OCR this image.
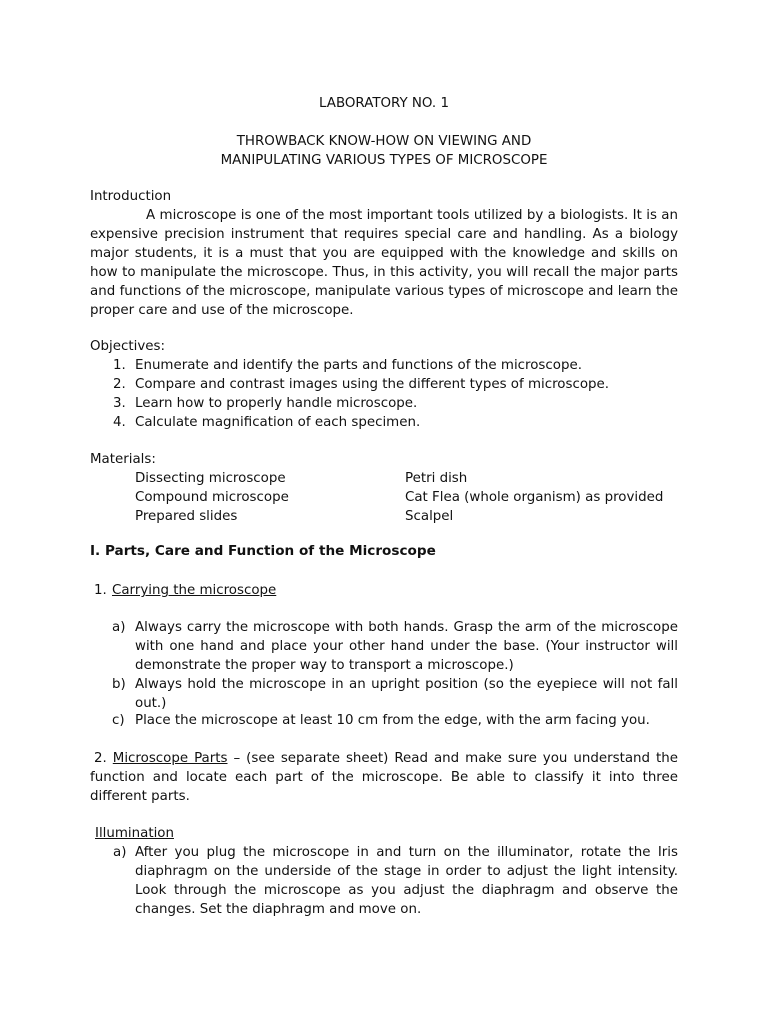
LABORATORY NO. 1
THROWBACK KNOW-HOW ON VIEWING AND
MANIPULATING VARIOUS TYPES OF MICROSCOPE
Introduction
A microscope is one of the most important tools utilized by a biologists. It is an
expensive precision instrument that requires special care and handling. As a biology
major students, it is a must that you are equipped with the knowledge and skills on
how to manipulate the microscope. Thus, in this activity, you will recall the major parts
and functions of the microscope, manipulate various types of microscope and learn the
proper care and use of the microscope.
Objectives:
1. Enumerate and identify the parts and functions of the microscope.
2. Compare and contrast images using the different types of microscope.
3. Learn how to properly handle microscope.
4. Calculate magnification of each specimen.
Materials:
Dissecting microscope
Compound microscope
Prepared slides
Petri dish
Cat Flea (whole organism) as provided
Scalpel
I. Parts, Care and Function of the Microscope
1. Carrying the microscope
a) Always carry the microscope with both hands. Grasp the arm of the microscope
with one hand and place your other hand under the base. (Your instructor will
demonstrate the proper way to transport a microscope.)
b) Always hold the microscope in an upright position (so the eyepiece will not fall
out.)
c) Place the microscope at least 10 cm from the edge, with the arm facing you.
2. Microscope Parts – (see separate sheet) Read and make sure you understand the
function and locate each part of the microscope. Be able to classify it into three
different parts.
Illumination
a) After you plug the microscope in and turn on the illuminator, rotate the Iris
diaphragm on the underside of the stage in order to adjust the light intensity.
Look through the microscope as you adjust the diaphragm and observe the
changes. Set the diaphragm and move on.
